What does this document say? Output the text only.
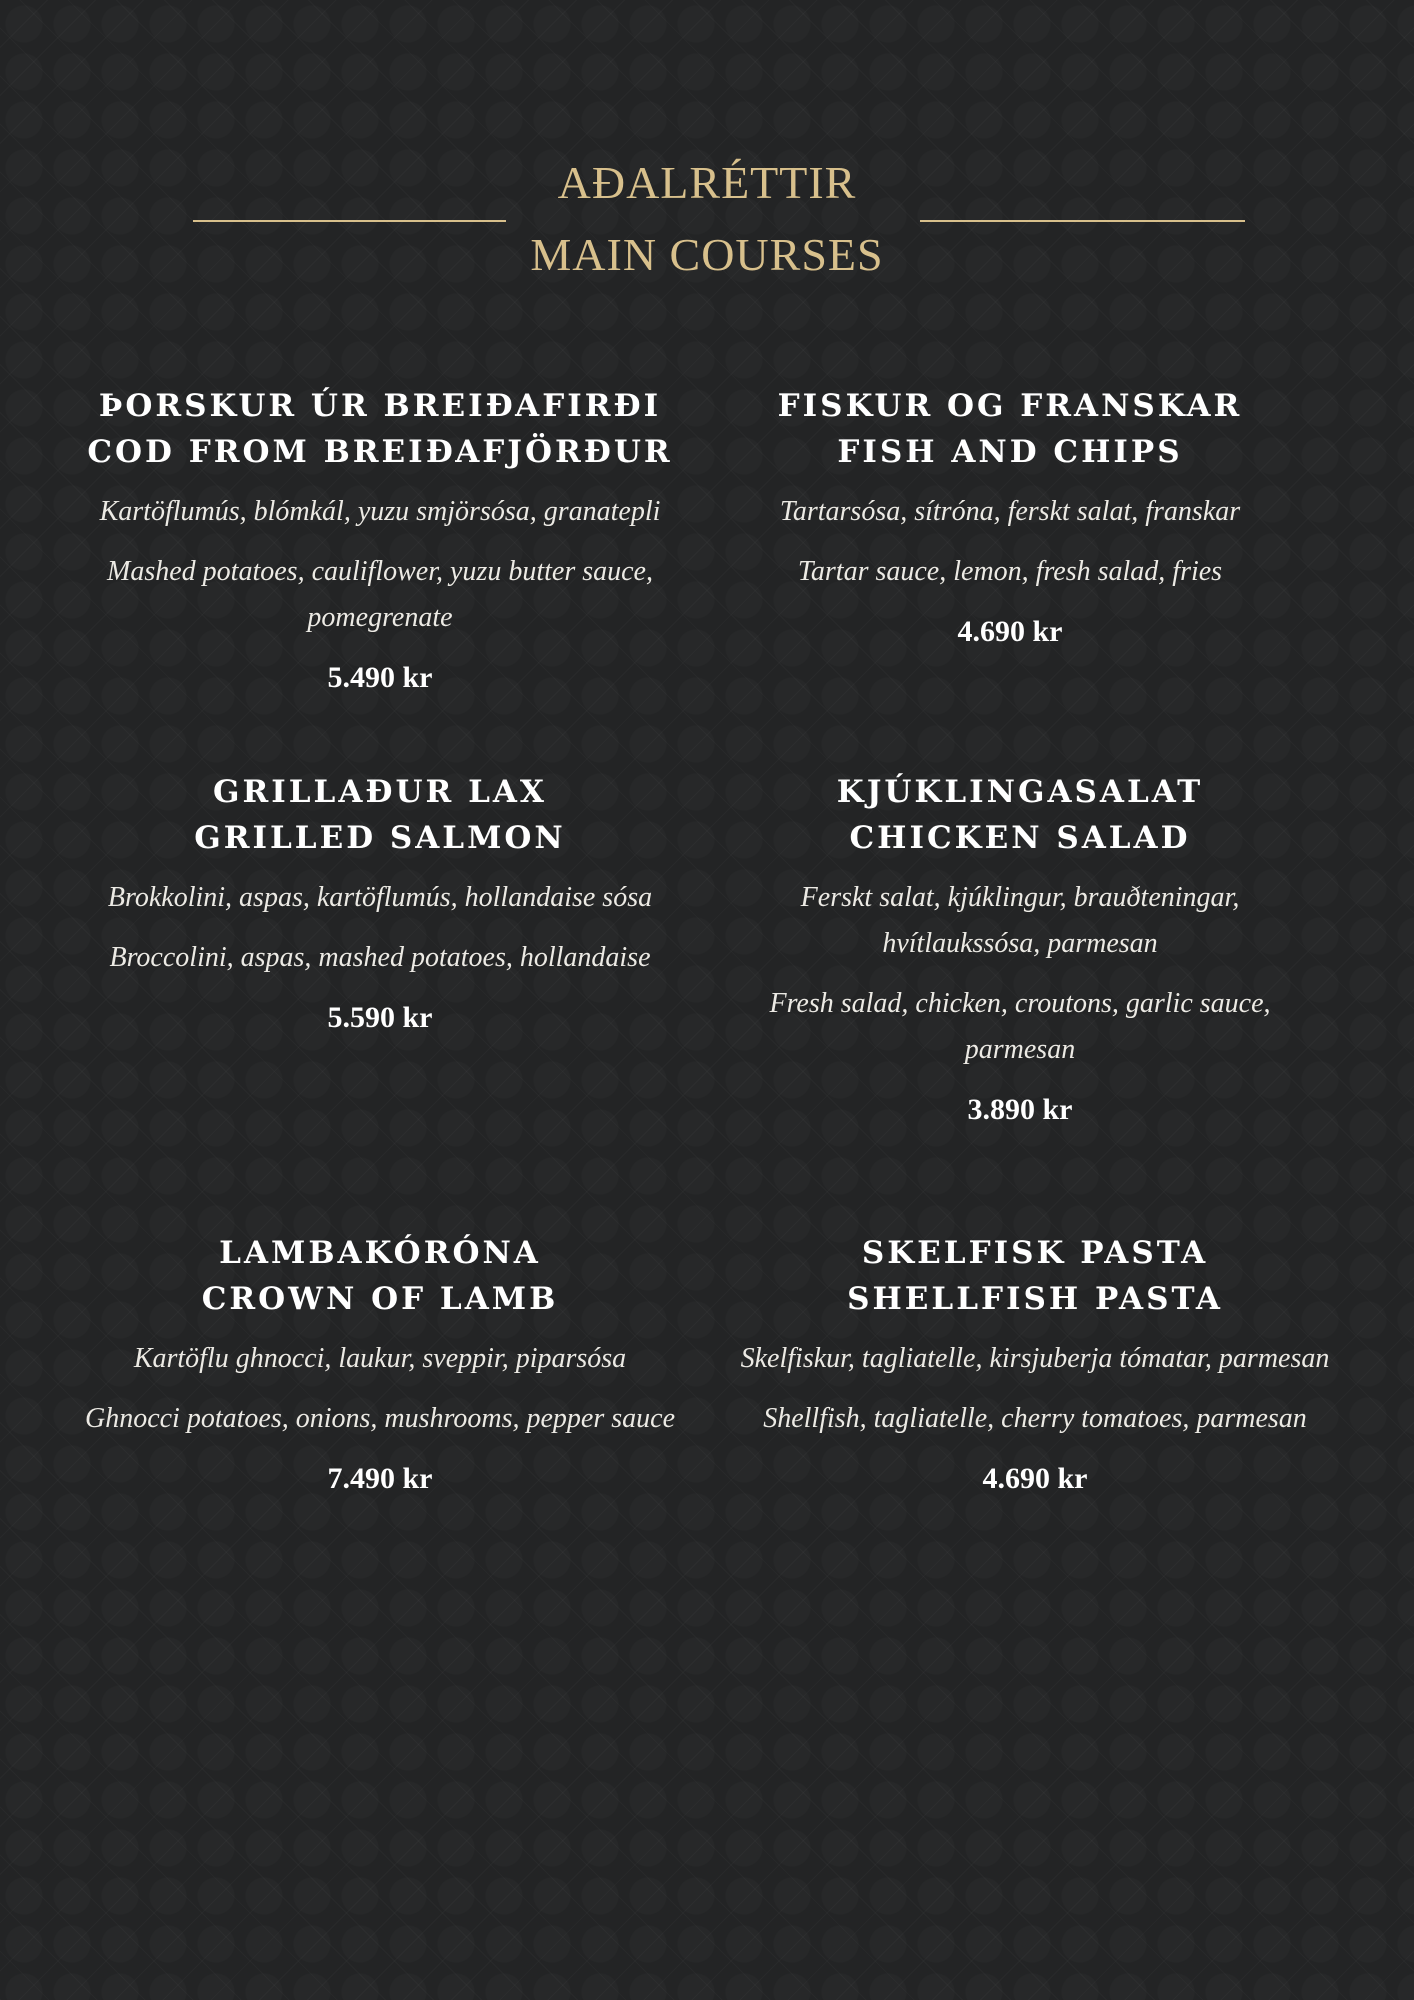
AÐALRÉTTIR
MAIN COURSES

ÞORSKUR ÚR BREIÐAFIRÐI

COD FROM BREIÐAFJÖRÐUR

Kartöflumús, blómkál, yuzu smjörsósa, granatepli

Mashed potatoes, cauliflower, yuzu butter sauce, pomegrenate

5.490 kr

FISKUR OG FRANSKAR

FISH AND CHIPS

Tartarsósa, sítróna, ferskt salat, franskar

Tartar sauce, lemon, fresh salad, fries

4.690 kr

GRILLAÐUR LAX

GRILLED SALMON

Brokkolini, aspas, kartöflumús, hollandaise sósa

Broccolini, aspas, mashed potatoes, hollandaise

5.590 kr

KJÚKLINGASALAT

CHICKEN SALAD

Ferskt salat, kjúklingur, brauðteningar, hvítlaukssósa, parmesan

Fresh salad, chicken, croutons, garlic sauce, parmesan

3.890 kr

LAMBAKÓRÓNA

CROWN OF LAMB

Kartöflu ghnocci, laukur, sveppir, piparsósa

Ghnocci potatoes, onions, mushrooms, pepper sauce

7.490 kr

SKELFISK PASTA

SHELLFISH PASTA

Skelfiskur, tagliatelle, kirsjuberja tómatar, parmesan

Shellfish, tagliatelle, cherry tomatoes, parmesan

4.690 kr
